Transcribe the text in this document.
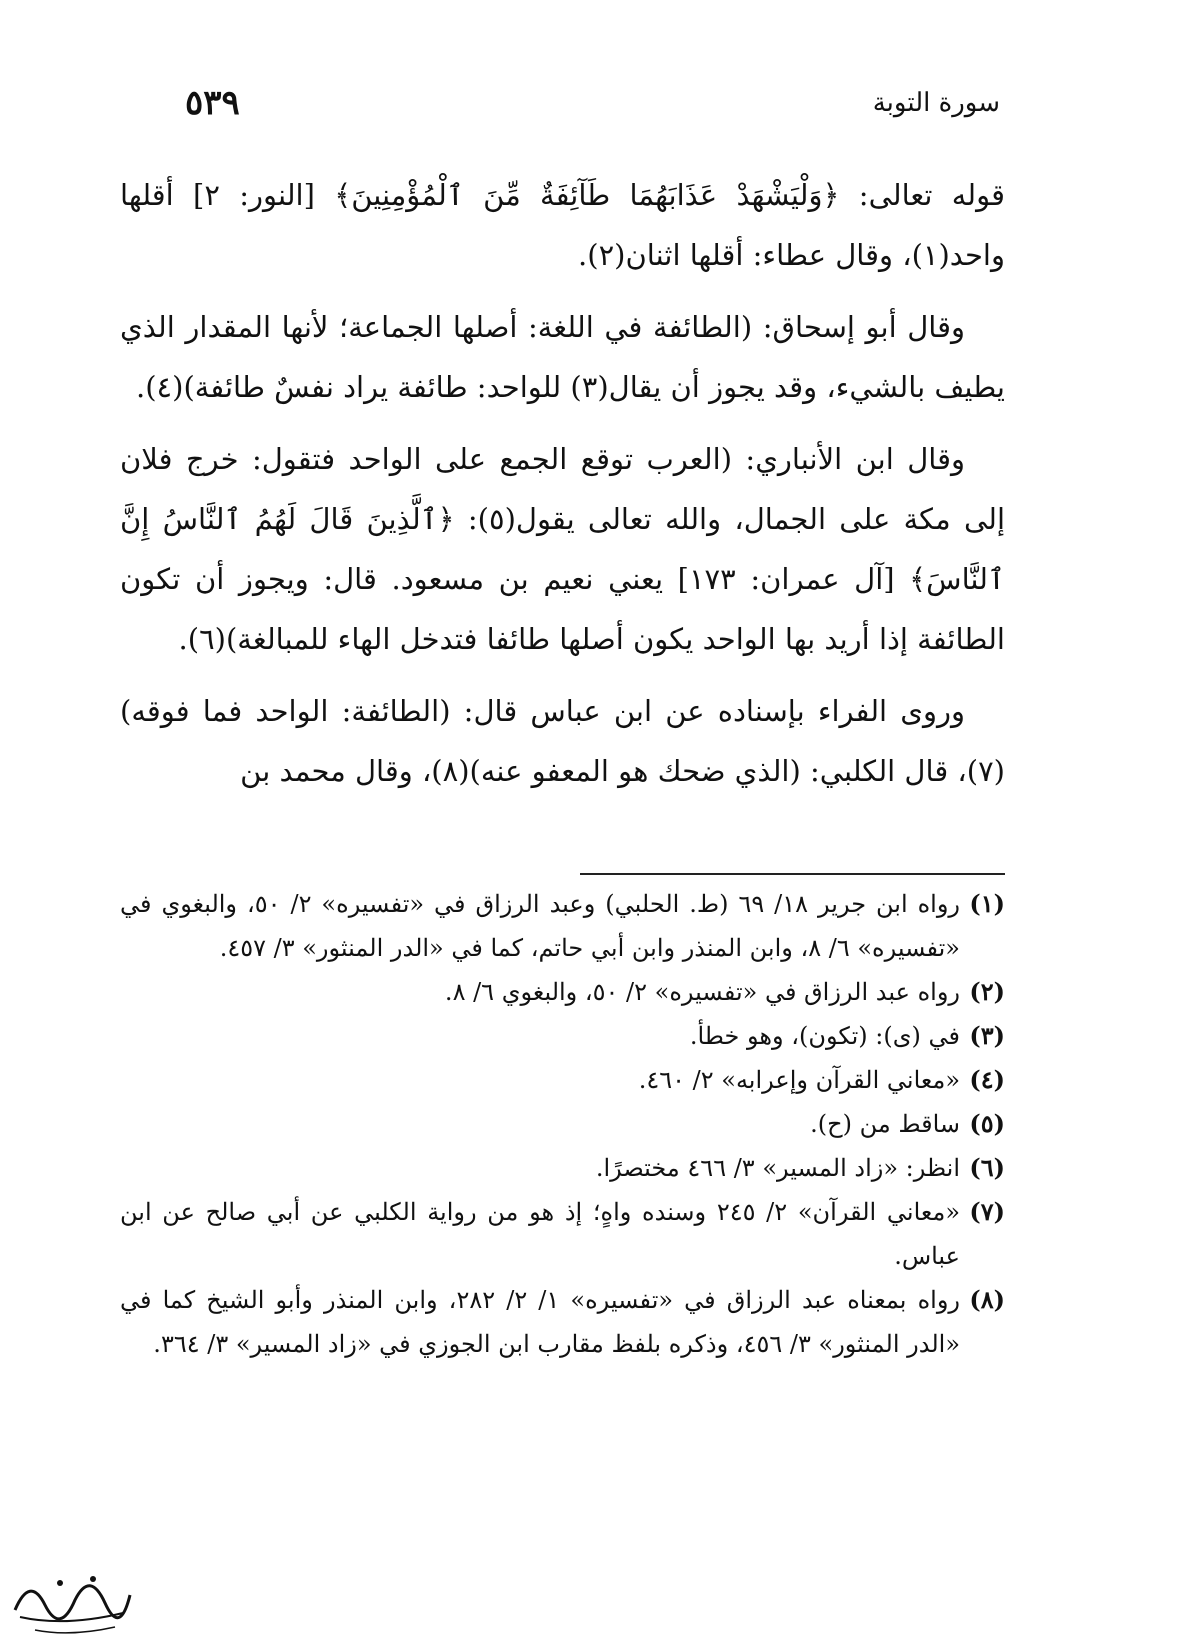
سورة التوبة
٥٣٩

قوله تعالى: ﴿وَلْيَشْهَدْ عَذَابَهُمَا طَآئِفَةٌ مِّنَ ٱلْمُؤْمِنِينَ﴾ [النور: ٢] أقلها واحد(١)، وقال عطاء: أقلها اثنان(٢).

وقال أبو إسحاق: (الطائفة في اللغة: أصلها الجماعة؛ لأنها المقدار الذي يطيف بالشيء، وقد يجوز أن يقال(٣) للواحد: طائفة يراد نفسٌ طائفة)(٤).

وقال ابن الأنباري: (العرب توقع الجمع على الواحد فتقول: خرج فلان إلى مكة على الجمال، والله تعالى يقول(٥): ﴿ٱلَّذِينَ قَالَ لَهُمُ ٱلنَّاسُ إِنَّ ٱلنَّاسَ﴾ [آل عمران: ١٧٣] يعني نعيم بن مسعود. قال: ويجوز أن تكون الطائفة إذا أريد بها الواحد يكون أصلها طائفا فتدخل الهاء للمبالغة)(٦).

وروى الفراء بإسناده عن ابن عباس قال: (الطائفة: الواحد فما فوقه)(٧)، قال الكلبي: (الذي ضحك هو المعفو عنه)(٨)، وقال محمد بن

(١)
رواه ابن جرير ١٨/ ٦٩ (ط. الحلبي) وعبد الرزاق في «تفسيره» ٢/ ٥٠، والبغوي في «تفسيره» ٦/ ٨، وابن المنذر وابن أبي حاتم، كما في «الدر المنثور» ٣/ ٤٥٧.
(٢)
رواه عبد الرزاق في «تفسيره» ٢/ ٥٠، والبغوي ٦/ ٨.
(٣)
في (ى): (تكون)، وهو خطأ.
(٤)
«معاني القرآن وإعرابه» ٢/ ٤٦٠.
(٥)
ساقط من (ح).
(٦)
انظر: «زاد المسير» ٣/ ٤٦٦ مختصرًا.
(٧)
«معاني القرآن» ٢/ ٢٤٥ وسنده واهٍ؛ إذ هو من رواية الكلبي عن أبي صالح عن ابن عباس.
(٨)
رواه بمعناه عبد الرزاق في «تفسيره» ١/ ٢/ ٢٨٢، وابن المنذر وأبو الشيخ كما في «الدر المنثور» ٣/ ٤٥٦، وذكره بلفظ مقارب ابن الجوزي في «زاد المسير» ٣/ ٣٦٤.
